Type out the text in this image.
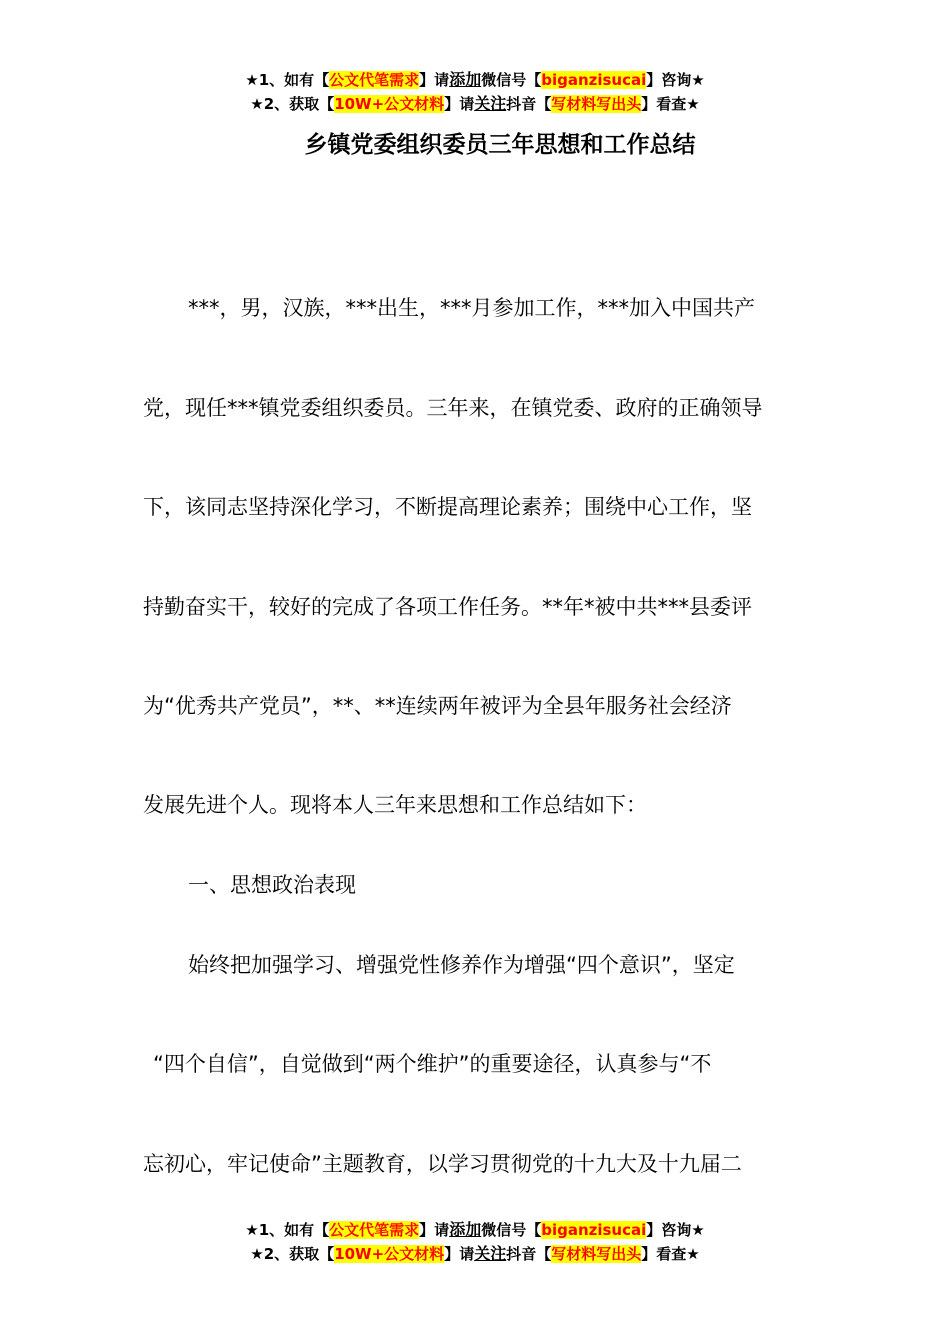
★1、如有【公文代笔需求】请添加微信号【biganzisucai】咨询★
★2、获取【10W+公文材料】请关注抖音【写材料写出头】看查★
乡镇党委组织委员三年思想和工作总结
***，男，汉族，***出生，***月参加工作，***加入中国共产
党，现任***镇党委组织委员。三年来，在镇党委、政府的正确领导
下，该同志坚持深化学习，不断提高理论素养；围绕中心工作，坚
持勤奋实干，较好的完成了各项工作任务。**年*被中共***县委评
为“优秀共产党员”，**、**连续两年被评为全县年服务社会经济
发展先进个人。现将本人三年来思想和工作总结如下：
一、思想政治表现
始终把加强学习、增强党性修养作为增强“四个意识”，坚定
“四个自信”，自觉做到“两个维护”的重要途径，认真参与“不
忘初心，牢记使命”主题教育，以学习贯彻党的十九大及十九届二
★1、如有【公文代笔需求】请添加微信号【biganzisucai】咨询★
★2、获取【10W+公文材料】请关注抖音【写材料写出头】看查★
